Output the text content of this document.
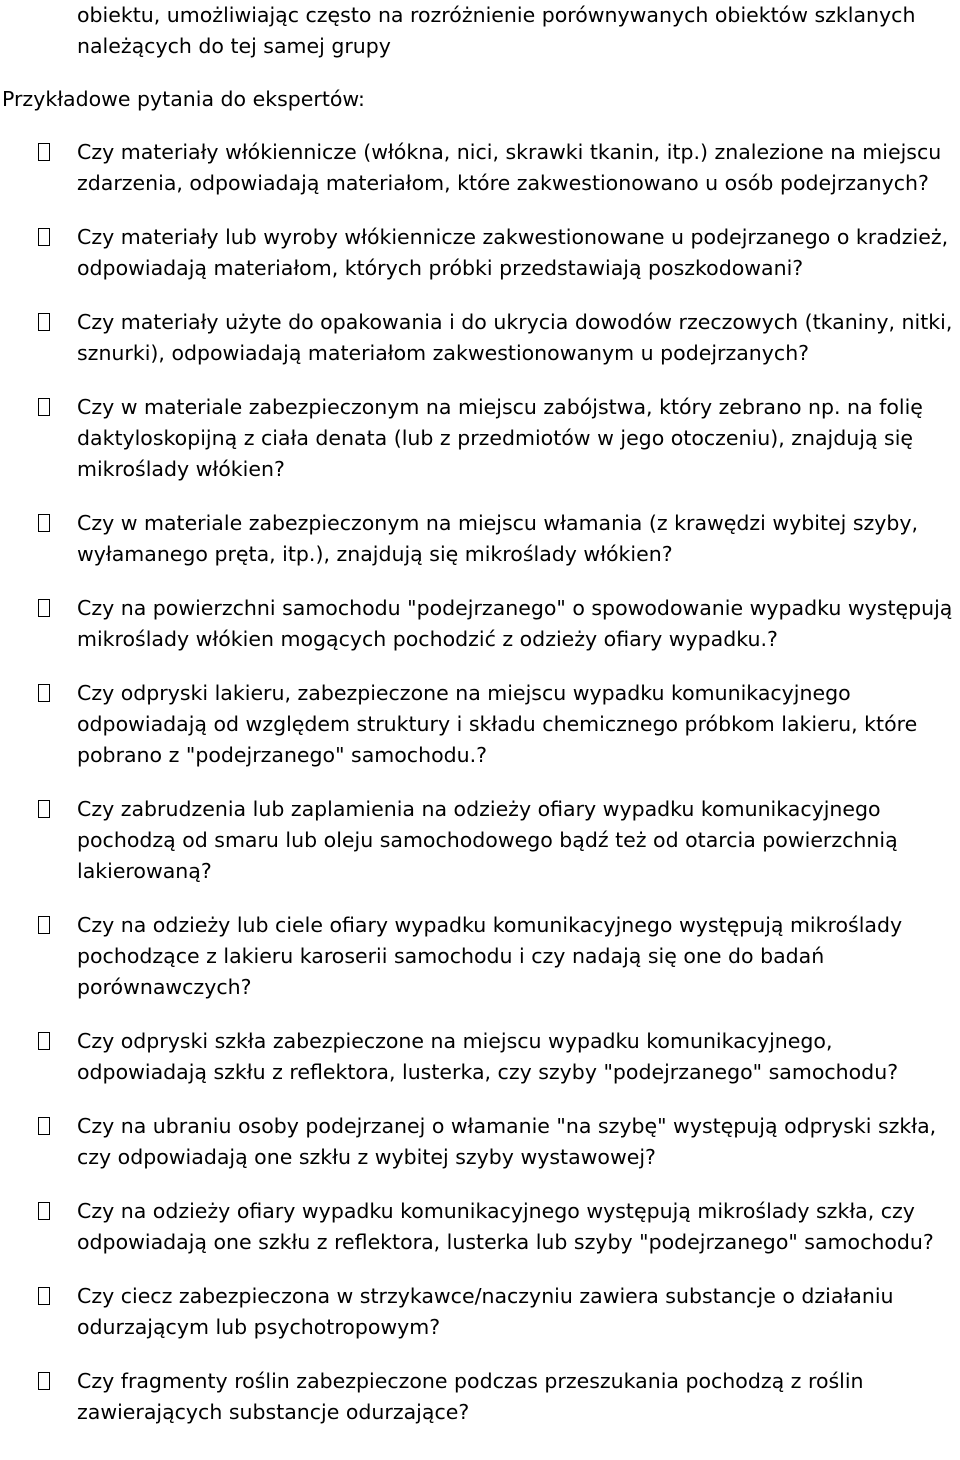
obiektu, umożliwiając często na rozróżnienie porównywanych obiektów szklanych należących do tej samej grupy

Przykładowe pytania do ekspertów:

Czy materiały włókiennicze (włókna, nici, skrawki tkanin, itp.) znalezione na miejscu zdarzenia, odpowiadają materiałom, które zakwestionowano u osób podejrzanych?
Czy materiały lub wyroby włókiennicze zakwestionowane u podejrzanego o kradzież, odpowiadają materiałom, których próbki przedstawiają poszkodowani?
Czy materiały użyte do opakowania i do ukrycia dowodów rzeczowych (tkaniny, nitki, sznurki), odpowiadają materiałom zakwestionowanym u podejrzanych?
Czy w materiale zabezpieczonym na miejscu zabójstwa, który zebrano np. na folię daktyloskopijną z ciała denata (lub z przedmiotów w jego otoczeniu), znajdują się mikroślady włókien?
Czy w materiale zabezpieczonym na miejscu włamania (z krawędzi wybitej szyby, wyłamanego pręta, itp.), znajdują się mikroślady włókien?
Czy na powierzchni samochodu "podejrzanego" o spowodowanie wypadku występują mikroślady włókien mogących pochodzić z odzieży ofiary wypadku.?
Czy odpryski lakieru, zabezpieczone na miejscu wypadku komunikacyjnego odpowiadają od względem struktury i składu chemicznego próbkom lakieru, które pobrano z "podejrzanego" samochodu.?
Czy zabrudzenia lub zaplamienia na odzieży ofiary wypadku komunikacyjnego pochodzą od smaru lub oleju samochodowego bądź też od otarcia powierzchnią lakierowaną?
Czy na odzieży lub ciele ofiary wypadku komunikacyjnego występują mikroślady pochodzące z lakieru karoserii samochodu i czy nadają się one do badań porównawczych?
Czy odpryski szkła zabezpieczone na miejscu wypadku komunikacyjnego, odpowiadają szkłu z reflektora, lusterka, czy szyby "podejrzanego" samochodu?
Czy na ubraniu osoby podejrzanej o włamanie "na szybę" występują odpryski szkła, czy odpowiadają one szkłu z wybitej szyby wystawowej?
Czy na odzieży ofiary wypadku komunikacyjnego występują mikroślady szkła, czy odpowiadają one szkłu z reflektora, lusterka lub szyby "podejrzanego" samochodu?
Czy ciecz zabezpieczona w strzykawce/naczyniu zawiera substancje o działaniu odurzającym lub psychotropowym?
Czy fragmenty roślin zabezpieczone podczas przeszukania pochodzą z roślin zawierających substancje odurzające?
